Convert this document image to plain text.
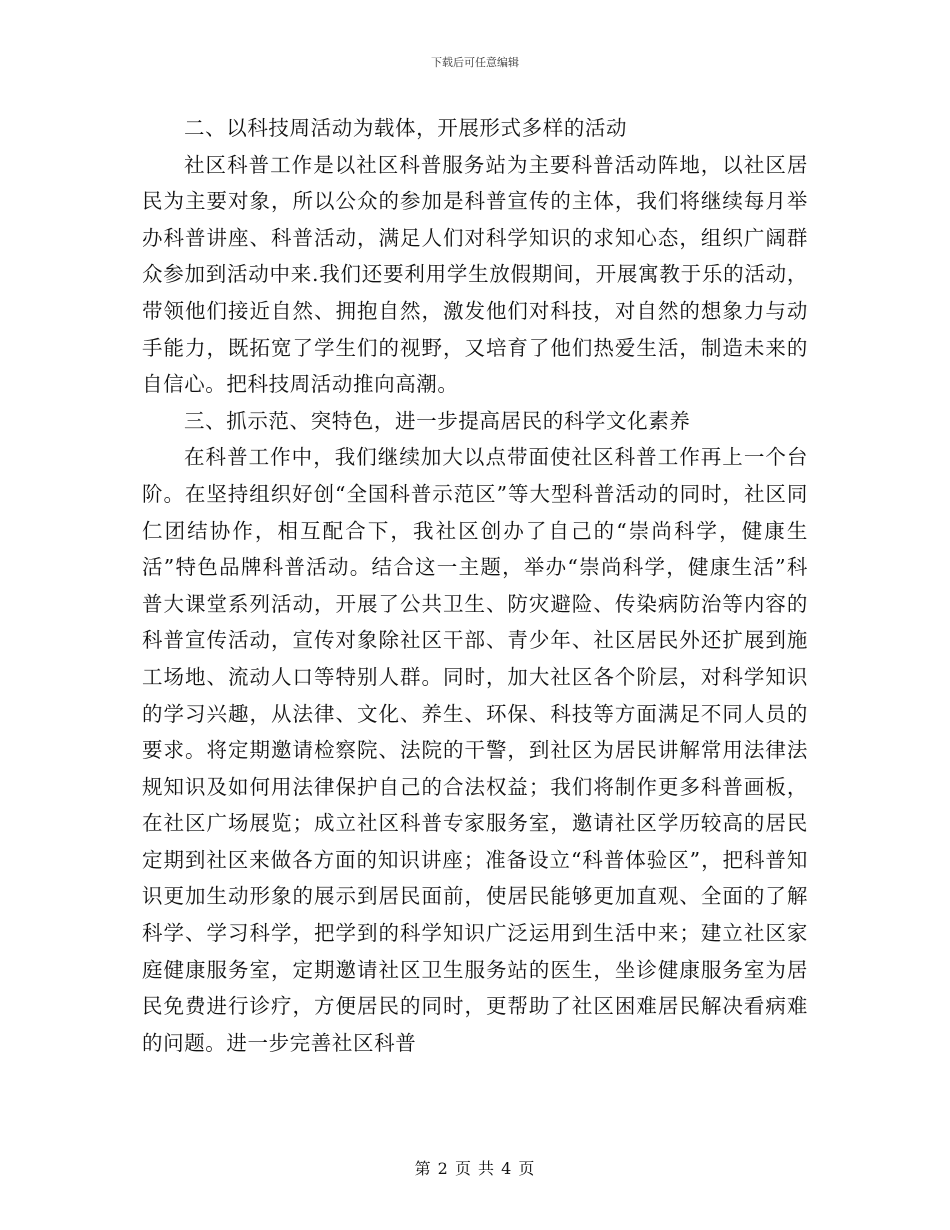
下载后可任意编辑

二、以科技周活动为载体，开展形式多样的活动

社区科普工作是以社区科普服务站为主要科普活动阵地，以社区居民为主要对象，所以公众的参加是科普宣传的主体，我们将继续每月举办科普讲座、科普活动，满足人们对科学知识的求知心态，组织广阔群众参加到活动中来.我们还要利用学生放假期间，开展寓教于乐的活动，带领他们接近自然、拥抱自然，激发他们对科技，对自然的想象力与动手能力，既拓宽了学生们的视野，又培育了他们热爱生活，制造未来的自信心。把科技周活动推向高潮。

三、抓示范、突特色，进一步提高居民的科学文化素养

在科普工作中，我们继续加大以点带面使社区科普工作再上一个台阶。在坚持组织好创“全国科普示范区”等大型科普活动的同时，社区同仁团结协作，相互配合下，我社区创办了自己的“崇尚科学，健康生活”特色品牌科普活动。结合这一主题，举办“崇尚科学，健康生活”科普大课堂系列活动，开展了公共卫生、防灾避险、传染病防治等内容的科普宣传活动，宣传对象除社区干部、青少年、社区居民外还扩展到施工场地、流动人口等特别人群。同时，加大社区各个阶层，对科学知识的学习兴趣，从法律、文化、养生、环保、科技等方面满足不同人员的要求。将定期邀请检察院、法院的干警，到社区为居民讲解常用法律法规知识及如何用法律保护自己的合法权益；我们将制作更多科普画板，在社区广场展览；成立社区科普专家服务室，邀请社区学历较高的居民定期到社区来做各方面的知识讲座；准备设立“科普体验区”，把科普知识更加生动形象的展示到居民面前，使居民能够更加直观、全面的了解科学、学习科学，把学到的科学知识广泛运用到生活中来；建立社区家庭健康服务室，定期邀请社区卫生服务站的医生，坐诊健康服务室为居民免费进行诊疗，方便居民的同时，更帮助了社区困难居民解决看病难的问题。进一步完善社区科普

第 2 页 共 4 页
